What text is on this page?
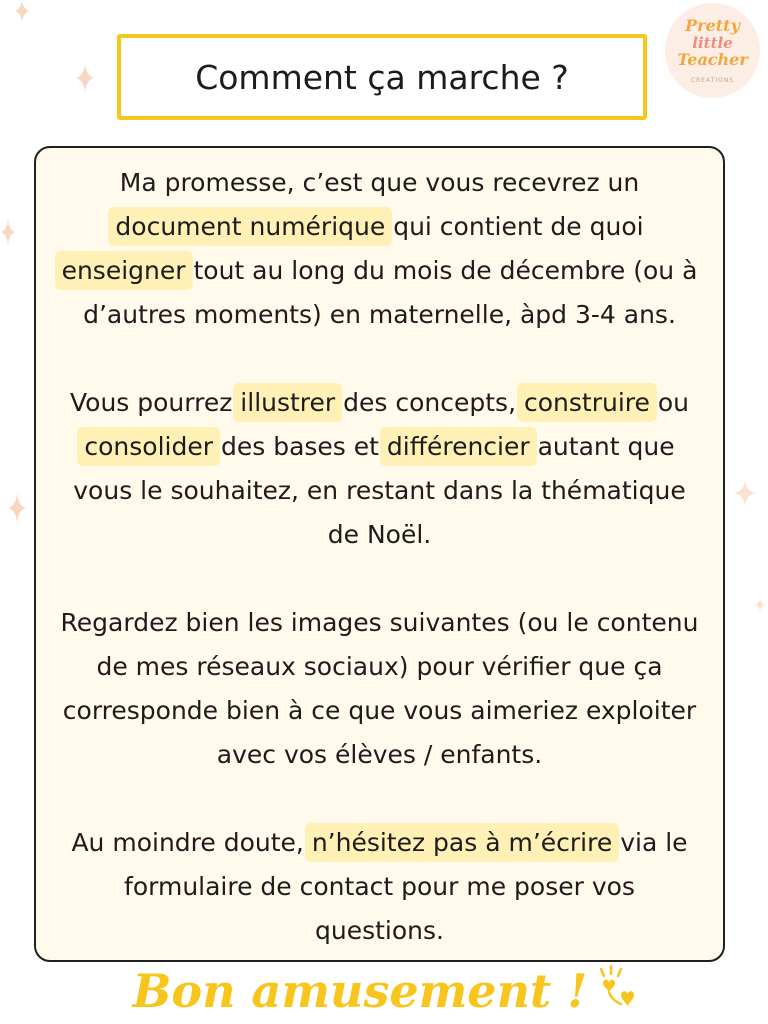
Pretty
little
Teacher
CREATIONS
Comment ça marche ?
Ma promesse, c’est que vous recevrez un
document numérique qui contient de quoi
enseigner tout au long du mois de décembre (ou à
d’autres moments) en maternelle, àpd 3-4 ans.
Vous pourrez illustrer des concepts, construire ou
consolider des bases et différencier autant que
vous le souhaitez, en restant dans la thématique
de Noël.
Regardez bien les images suivantes (ou le contenu
de mes réseaux sociaux) pour vérifier que ça
corresponde bien à ce que vous aimeriez exploiter
avec vos élèves / enfants.
Au moindre doute, n’hésitez pas à m’écrire via le
formulaire de contact pour me poser vos
questions.
Bon amusement !
